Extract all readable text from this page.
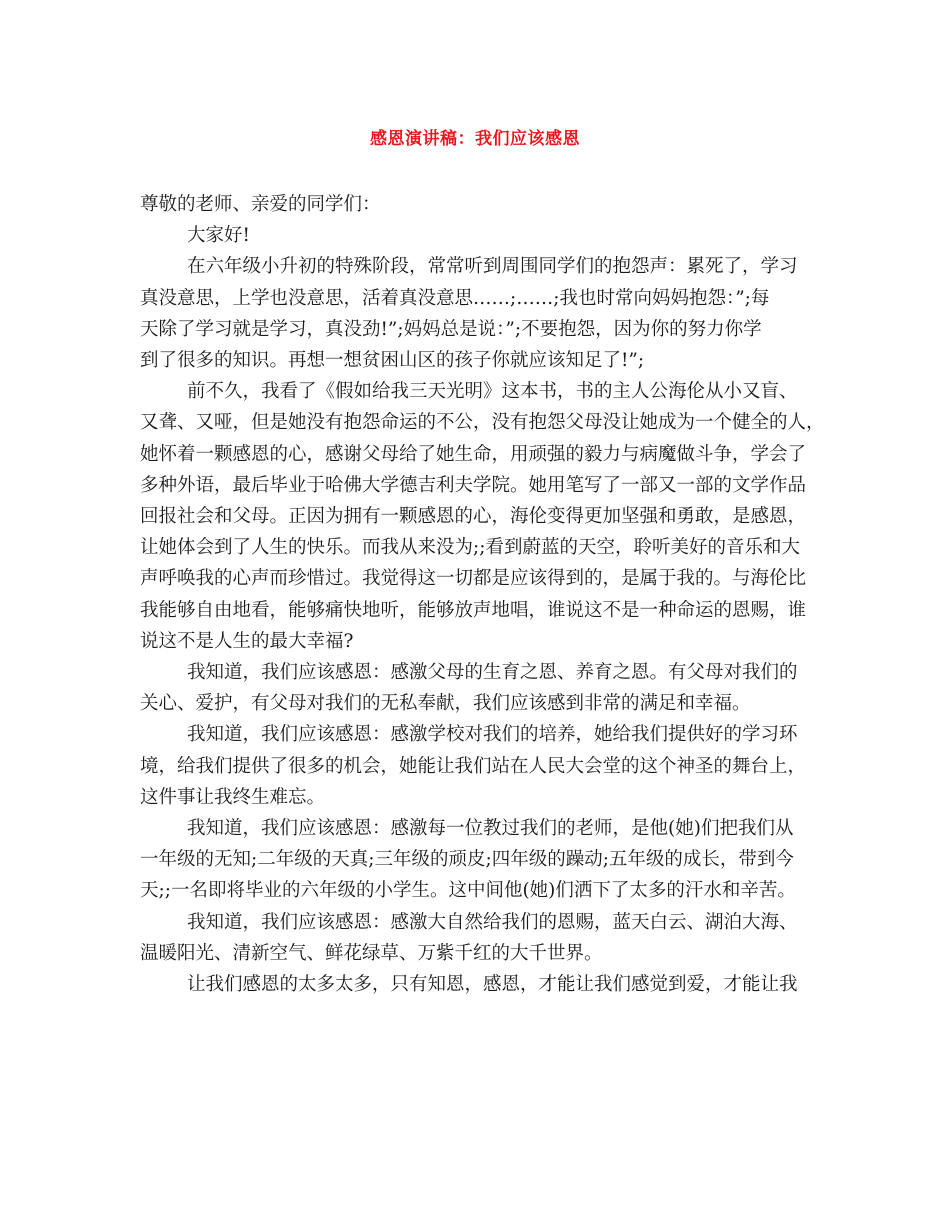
感恩演讲稿：我们应该感恩
尊敬的老师、亲爱的同学们：
大家好!
在六年级小升初的特殊阶段，常常听到周围同学们的抱怨声：累死了，学习
真没意思，上学也没意思，活着真没意思……;……;我也时常向妈妈抱怨：”;每
天除了学习就是学习，真没劲!”;妈妈总是说：”;不要抱怨，因为你的努力你学
到了很多的知识。再想一想贫困山区的孩子你就应该知足了!”;
前不久，我看了《假如给我三天光明》这本书，书的主人公海伦从小又盲、
又聋、又哑，但是她没有抱怨命运的不公，没有抱怨父母没让她成为一个健全的人，
她怀着一颗感恩的心，感谢父母给了她生命，用顽强的毅力与病魔做斗争，学会了
多种外语，最后毕业于哈佛大学德吉利夫学院。她用笔写了一部又一部的文学作品
回报社会和父母。正因为拥有一颗感恩的心，海伦变得更加坚强和勇敢，是感恩，
让她体会到了人生的快乐。而我从来没为;;看到蔚蓝的天空，聆听美好的音乐和大
声呼唤我的心声而珍惜过。我觉得这一切都是应该得到的，是属于我的。与海伦比
我能够自由地看，能够痛快地听，能够放声地唱，谁说这不是一种命运的恩赐，谁
说这不是人生的最大幸福?
我知道，我们应该感恩：感激父母的生育之恩、养育之恩。有父母对我们的
关心、爱护，有父母对我们的无私奉献，我们应该感到非常的满足和幸福。
我知道，我们应该感恩：感激学校对我们的培养，她给我们提供好的学习环
境，给我们提供了很多的机会，她能让我们站在人民大会堂的这个神圣的舞台上，
这件事让我终生难忘。
我知道，我们应该感恩：感激每一位教过我们的老师，是他(她)们把我们从
一年级的无知;二年级的天真;三年级的顽皮;四年级的躁动;五年级的成长，带到今
天;;一名即将毕业的六年级的小学生。这中间他(她)们洒下了太多的汗水和辛苦。
我知道，我们应该感恩：感激大自然给我们的恩赐，蓝天白云、湖泊大海、
温暖阳光、清新空气、鲜花绿草、万紫千红的大千世界。
让我们感恩的太多太多，只有知恩，感恩，才能让我们感觉到爱，才能让我
